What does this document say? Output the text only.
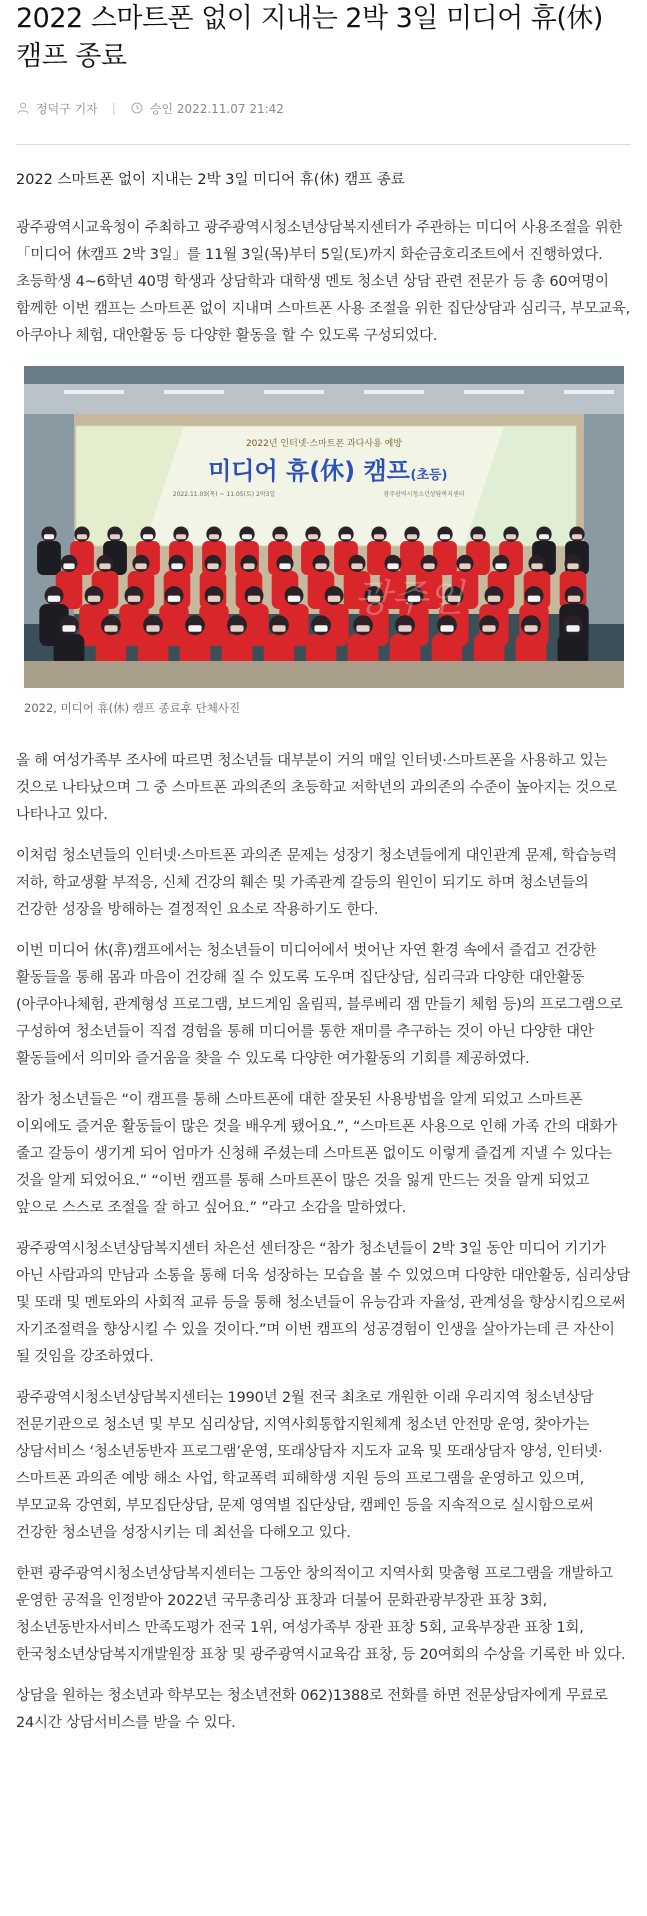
2022 스마트폰 없이 지내는 2박 3일 미디어 휴(休) 캠프 종료
정덕구 기자 |	승인 2022.11.07 21:42

2022 스마트폰 없이 지내는 2박 3일 미디어 휴(休) 캠프 종료

광주광역시교육청이 주최하고 광주광역시청소년상담복지센터가 주관하는 미디어 사용조절을 위한 「미디어 休캠프 2박 3일」를 11월 3일(목)부터 5일(토)까지 화순금호리조트에서 진행하였다. 초등학생 4~6학년 40명 학생과 상담학과 대학생 멘토 청소년 상담 관련 전문가 등 총 60여명이 함께한 이번 캠프는 스마트폰 없이 지내며 스마트폰 사용 조절을 위한 집단상담과 심리극, 부모교육, 아쿠아나 체험, 대안활동 등 다양한 활동을 할 수 있도록 구성되었다.

2022년 인터넷·스마트폰 과다사용 예방
미디어 휴(休) 캠프 (초등)
2022.11.03(목) ~ 11.05(토) 2박3일	광주광역시청소년상담복지센터
광주인
2022, 미디어 휴(休) 캠프 종료후 단체사진

올 해 여성가족부 조사에 따르면 청소년들 대부분이 거의 매일 인터넷·스마트폰을 사용하고 있는 것으로 나타났으며 그 중 스마트폰 과의존의 초등학교 저학년의 과의존의 수준이 높아지는 것으로 나타나고 있다.

이처럼 청소년들의 인터넷·스마트폰 과의존 문제는 성장기 청소년들에게 대인관계 문제, 학습능력 저하, 학교생활 부적응, 신체 건강의 훼손 및 가족관계 갈등의 원인이 되기도 하며 청소년들의 건강한 성장을 방해하는 결정적인 요소로 작용하기도 한다.

이번 미디어 休(휴)캠프에서는 청소년들이 미디어에서 벗어난 자연 환경 속에서 즐겁고 건강한 활동들을 통해 몸과 마음이 건강해 질 수 있도록 도우며 집단상담, 심리극과 다양한 대안활동(아쿠아나체험, 관계형성 프로그램, 보드게임 올림픽, 블루베리 잼 만들기 체험 등)의 프로그램으로 구성하여 청소년들이 직접 경험을 통해 미디어를 통한 재미를 추구하는 것이 아닌 다양한 대안 활동들에서 의미와 즐거움을 찾을 수 있도록 다양한 여가활동의 기회를 제공하였다.

참가 청소년들은 “이 캠프를 통해 스마트폰에 대한 잘못된 사용방법을 알게 되었고 스마트폰 이외에도 즐거운 활동들이 많은 것을 배우게 됐어요.”, “스마트폰 사용으로 인해 가족 간의 대화가 줄고 갈등이 생기게 되어 엄마가 신청해 주셨는데 스마트폰 없이도 이렇게 즐겁게 지낼 수 있다는 것을 알게 되었어요.” “이번 캠프를 통해 스마트폰이 많은 것을 잃게 만드는 것을 알게 되었고 앞으로 스스로 조절을 잘 하고 싶어요.” ”라고 소감을 말하였다.

광주광역시청소년상담복지센터 차은선 센터장은 “참가 청소년들이 2박 3일 동안 미디어 기기가 아닌 사람과의 만남과 소통을 통해 더욱 성장하는 모습을 볼 수 있었으며 다양한 대안활동, 심리상담 및 또래 및 멘토와의 사회적 교류 등을 통해 청소년들이 유능감과 자율성, 관계성을 향상시킴으로써 자기조절력을 향상시킬 수 있을 것이다.”며 이번 캠프의 성공경험이 인생을 살아가는데 큰 자산이 될 것임을 강조하였다.

광주광역시청소년상담복지센터는 1990년 2월 전국 최초로 개원한 이래 우리지역 청소년상담 전문기관으로 청소년 및 부모 심리상담, 지역사회통합지원체계 청소년 안전망 운영, 찾아가는 상담서비스 ‘청소년동반자 프로그램’운영, 또래상담자 지도자 교육 및 또래상담자 양성, 인터넷·스마트폰 과의존 예방 해소 사업, 학교폭력 피해학생 지원 등의 프로그램을 운영하고 있으며, 부모교육 강연회, 부모집단상담, 문제 영역별 집단상담, 캠페인 등을 지속적으로 실시함으로써 건강한 청소년을 성장시키는 데 최선을 다해오고 있다.

한편 광주광역시청소년상담복지센터는 그동안 창의적이고 지역사회 맞춤형 프로그램을 개발하고 운영한 공적을 인정받아 2022년 국무총리상 표창과 더불어 문화관광부장관 표창 3회, 청소년동반자서비스 만족도평가 전국 1위, 여성가족부 장관 표창 5회, 교육부장관 표창 1회, 한국청소년상담복지개발원장 표창 및 광주광역시교육감 표창, 등 20여회의 수상을 기록한 바 있다.

상담을 원하는 청소년과 학부모는 청소년전화 062)1388로 전화를 하면 전문상담자에게 무료로 24시간 상담서비스를 받을 수 있다.
